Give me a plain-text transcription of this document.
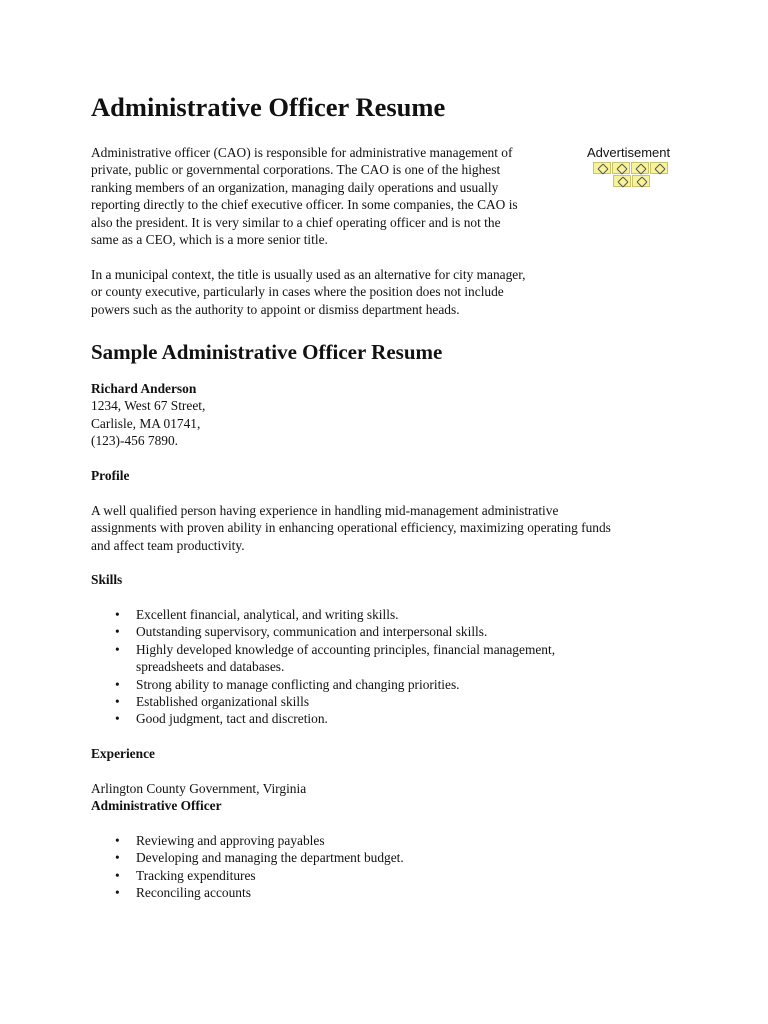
Administrative Officer Resume

Administrative officer (CAO) is responsible for administrative management of
private, public or governmental corporations. The CAO is one of the highest
ranking members of an organization, managing daily operations and usually
reporting directly to the chief executive officer. In some companies, the CAO is
also the president. It is very similar to a chief operating officer and is not the
same as a CEO, which is a more senior title.

In a municipal context, the title is usually used as an alternative for city manager,
or county executive, particularly in cases where the position does not include
powers such as the authority to appoint or dismiss department heads.

Sample Administrative Officer Resume

Richard Anderson
1234, West 67 Street,
Carlisle, MA 01741,
(123)-456 7890.

Profile

A well qualified person having experience in handling mid-management administrative
assignments with proven ability in enhancing operational efficiency, maximizing operating funds
and affect team productivity.

Skills

• Excellent financial, analytical, and writing skills.
• Outstanding supervisory, communication and interpersonal skills.
• Highly developed knowledge of accounting principles, financial management,
spreadsheets and databases.
• Strong ability to manage conflicting and changing priorities.
• Established organizational skills
• Good judgment, tact and discretion.

Experience

Arlington County Government, Virginia
Administrative Officer

• Reviewing and approving payables
• Developing and managing the department budget.
• Tracking expenditures
• Reconciling accounts
Advertisement
